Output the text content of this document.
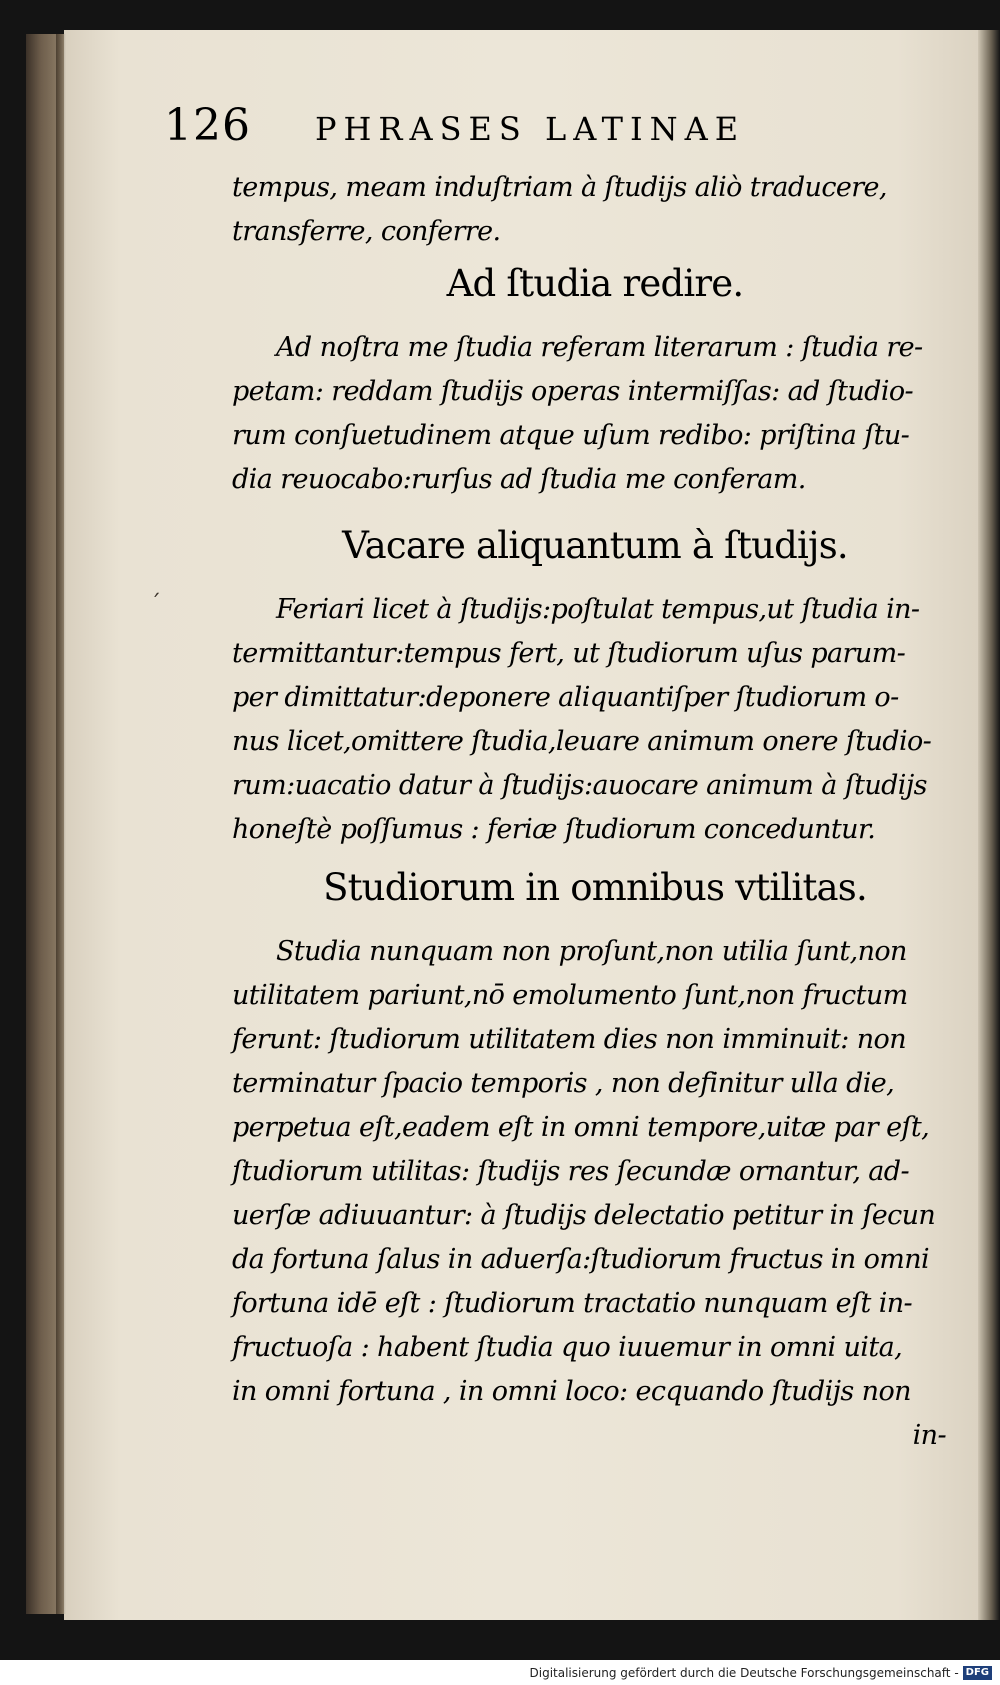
126 PHRASES LATINAE
tempus, meam induſtriam à ſtudijs aliò traducere,
transferre, conferre.
Ad ſtudia redire.
Ad noſtra me ſtudia referam literarum : ſtudia re-
petam: reddam ſtudijs operas intermiſſas: ad ſtudio-
rum conſuetudinem atque uſum redibo: priſtina ſtu-
dia reuocabo:rurſus ad ſtudia me conferam.
Vacare aliquantum à ſtudijs.
´	Feriari licet à ſtudijs:poſtulat tempus,ut ſtudia in-
termittantur:tempus fert, ut ſtudiorum uſus parum-
per dimittatur:deponere aliquantiſper ſtudiorum o-
nus licet,omittere ſtudia,leuare animum onere ſtudio-
rum:uacatio datur à ſtudijs:auocare animum à ſtudijs
honeſtè poſſumus : feriæ ſtudiorum conceduntur.
Studiorum in omnibus vtilitas.
Studia nunquam non proſunt,non utilia ſunt,non
utilitatem pariunt,nō emolumento ſunt,non fructum
ferunt: ſtudiorum utilitatem dies non imminuit: non
terminatur ſpacio temporis , non definitur ulla die,
perpetua eſt,eadem eſt in omni tempore,uitæ par eſt,
ſtudiorum utilitas: ſtudijs res ſecundæ ornantur, ad-
uerſæ adiuuantur: à ſtudijs delectatio petitur in ſecun
da fortuna ſalus in aduerſa:ſtudiorum fructus in omni
fortuna idē eſt : ſtudiorum tractatio nunquam eſt in-
fructuoſa : habent ſtudia quo iuuemur in omni uita,
in omni fortuna , in omni loco: ecquando ſtudijs non
in-
Digitalisierung gefördert durch die Deutsche Forschungsgemeinschaft - DFG
